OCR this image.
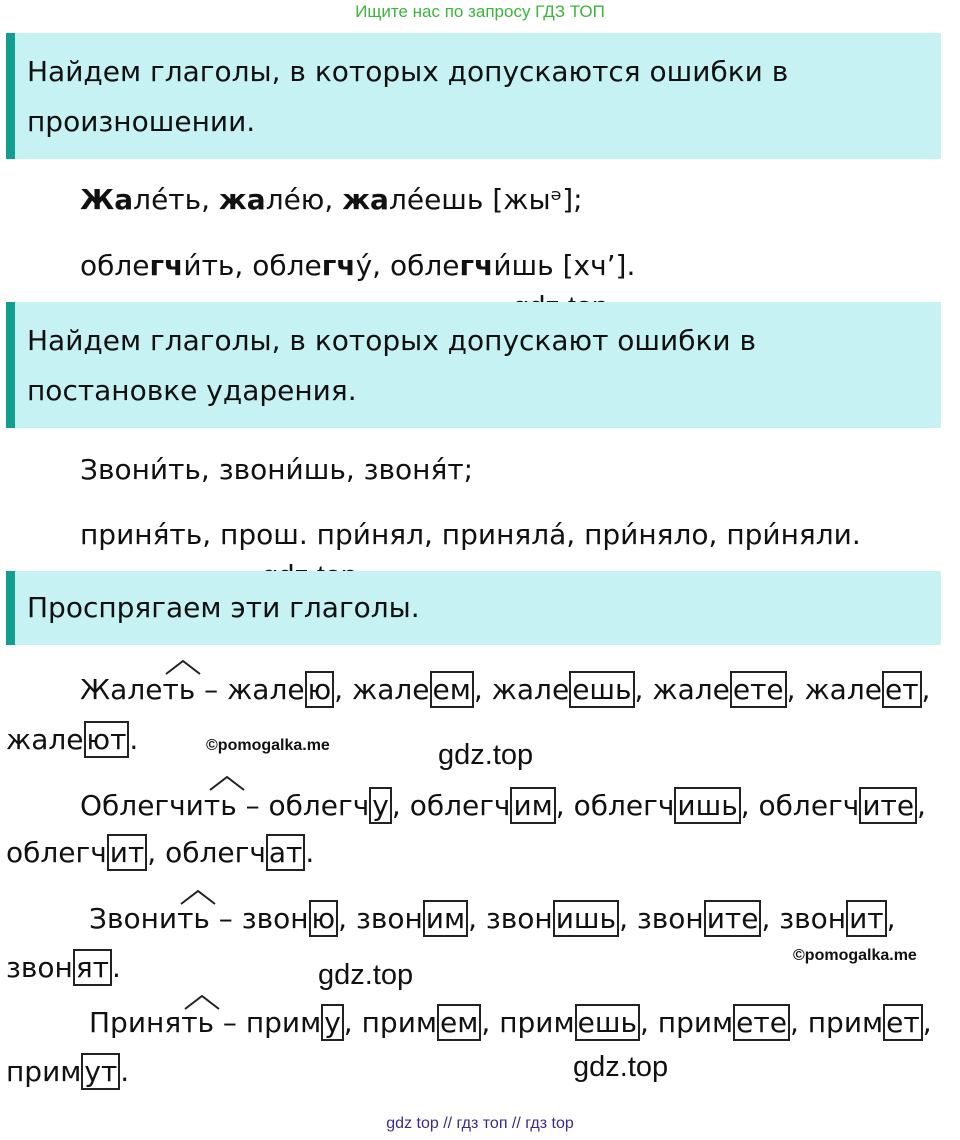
Ищите нас по запросу ГДЗ ТОП
Найдем глаголы, в которых допускаются ошибки в
произношении.
Жале́ть, жале́ю, жале́ешь [жыᵊ];
облегчи́ть, облегчу́, облегчи́шь [хч’].
Найдем глаголы, в которых допускают ошибки в
постановке ударения.
Звони́ть, звони́шь, звоня́т;
приня́ть, прош. при́нял, приняла́, при́няло, при́няли.
Проспрягаем эти глаголы.
Жалеть – жале ю , жале ем , жале ешь , жале ете , жале ет ,
жале ют .	©pomogalka.me	gdz.top
Облегчить – облегч у , облегч им , облегч ишь , облегч ите ,
облегч ит , облегч ат .
Звонить – звон ю , звон им , звон ишь , звон ите , звон ит ,
©pomogalka.me
звон ят .	gdz.top
Принять – прим у , прим ем , прим ешь , прим ете , прим ет ,
прим ут .	gdz.top
gdz top // гдз топ // гдз top
